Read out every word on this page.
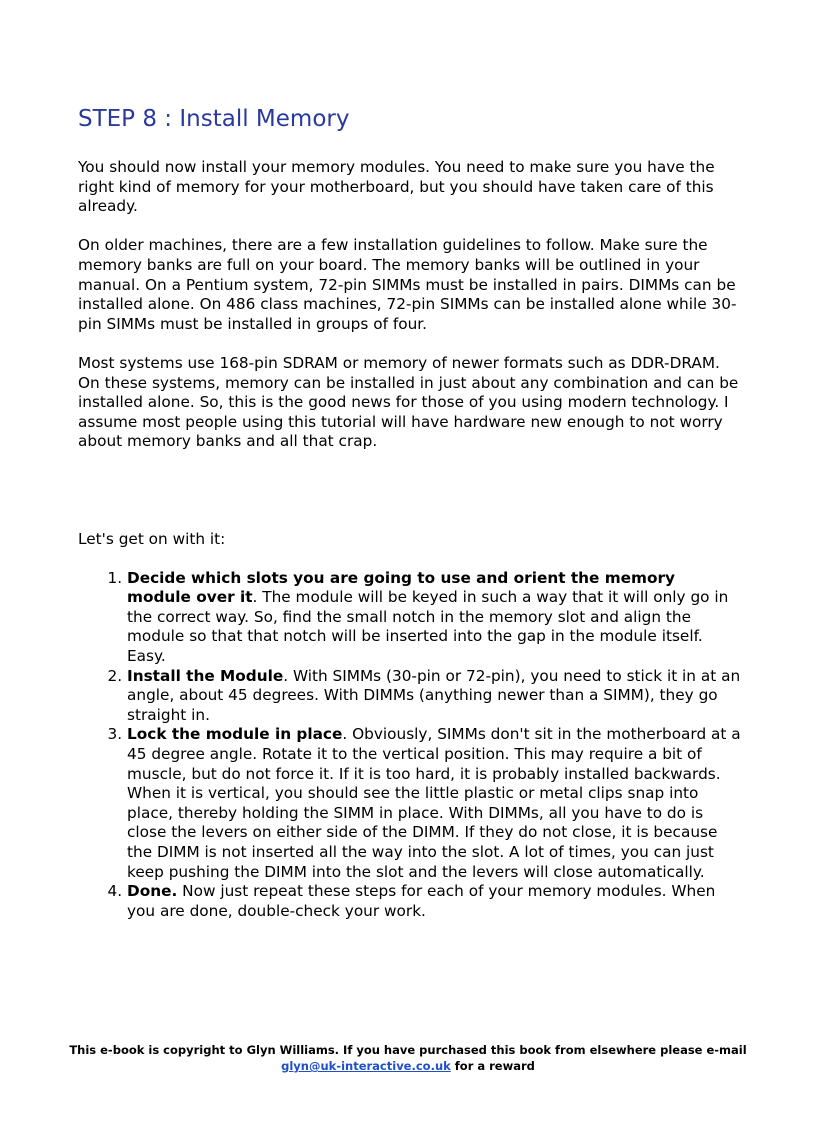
STEP 8 : Install Memory

You should now install your memory modules. You need to make sure you have the right kind of memory for your motherboard, but you should have taken care of this already.

On older machines, there are a few installation guidelines to follow. Make sure the memory banks are full on your board. The memory banks will be outlined in your manual. On a Pentium system, 72-pin SIMMs must be installed in pairs. DIMMs can be installed alone. On 486 class machines, 72-pin SIMMs can be installed alone while 30-pin SIMMs must be installed in groups of four.

Most systems use 168-pin SDRAM or memory of newer formats such as DDR-DRAM. On these systems, memory can be installed in just about any combination and can be installed alone. So, this is the good news for those of you using modern technology. I assume most people using this tutorial will have hardware new enough to not worry about memory banks and all that crap.

Let's get on with it:

1. Decide which slots you are going to use and orient the memory module over it. The module will be keyed in such a way that it will only go in the correct way. So, find the small notch in the memory slot and align the module so that that notch will be inserted into the gap in the module itself. Easy.
2. Install the Module. With SIMMs (30-pin or 72-pin), you need to stick it in at an angle, about 45 degrees. With DIMMs (anything newer than a SIMM), they go straight in.
3. Lock the module in place. Obviously, SIMMs don't sit in the motherboard at a 45 degree angle. Rotate it to the vertical position. This may require a bit of muscle, but do not force it. If it is too hard, it is probably installed backwards. When it is vertical, you should see the little plastic or metal clips snap into place, thereby holding the SIMM in place. With DIMMs, all you have to do is close the levers on either side of the DIMM. If they do not close, it is because the DIMM is not inserted all the way into the slot. A lot of times, you can just keep pushing the DIMM into the slot and the levers will close automatically.
4. Done. Now just repeat these steps for each of your memory modules. When you are done, double-check your work.
This e-book is copyright to Glyn Williams. If you have purchased this book from elsewhere please e-mail glyn@uk-interactive.co.uk for a reward
